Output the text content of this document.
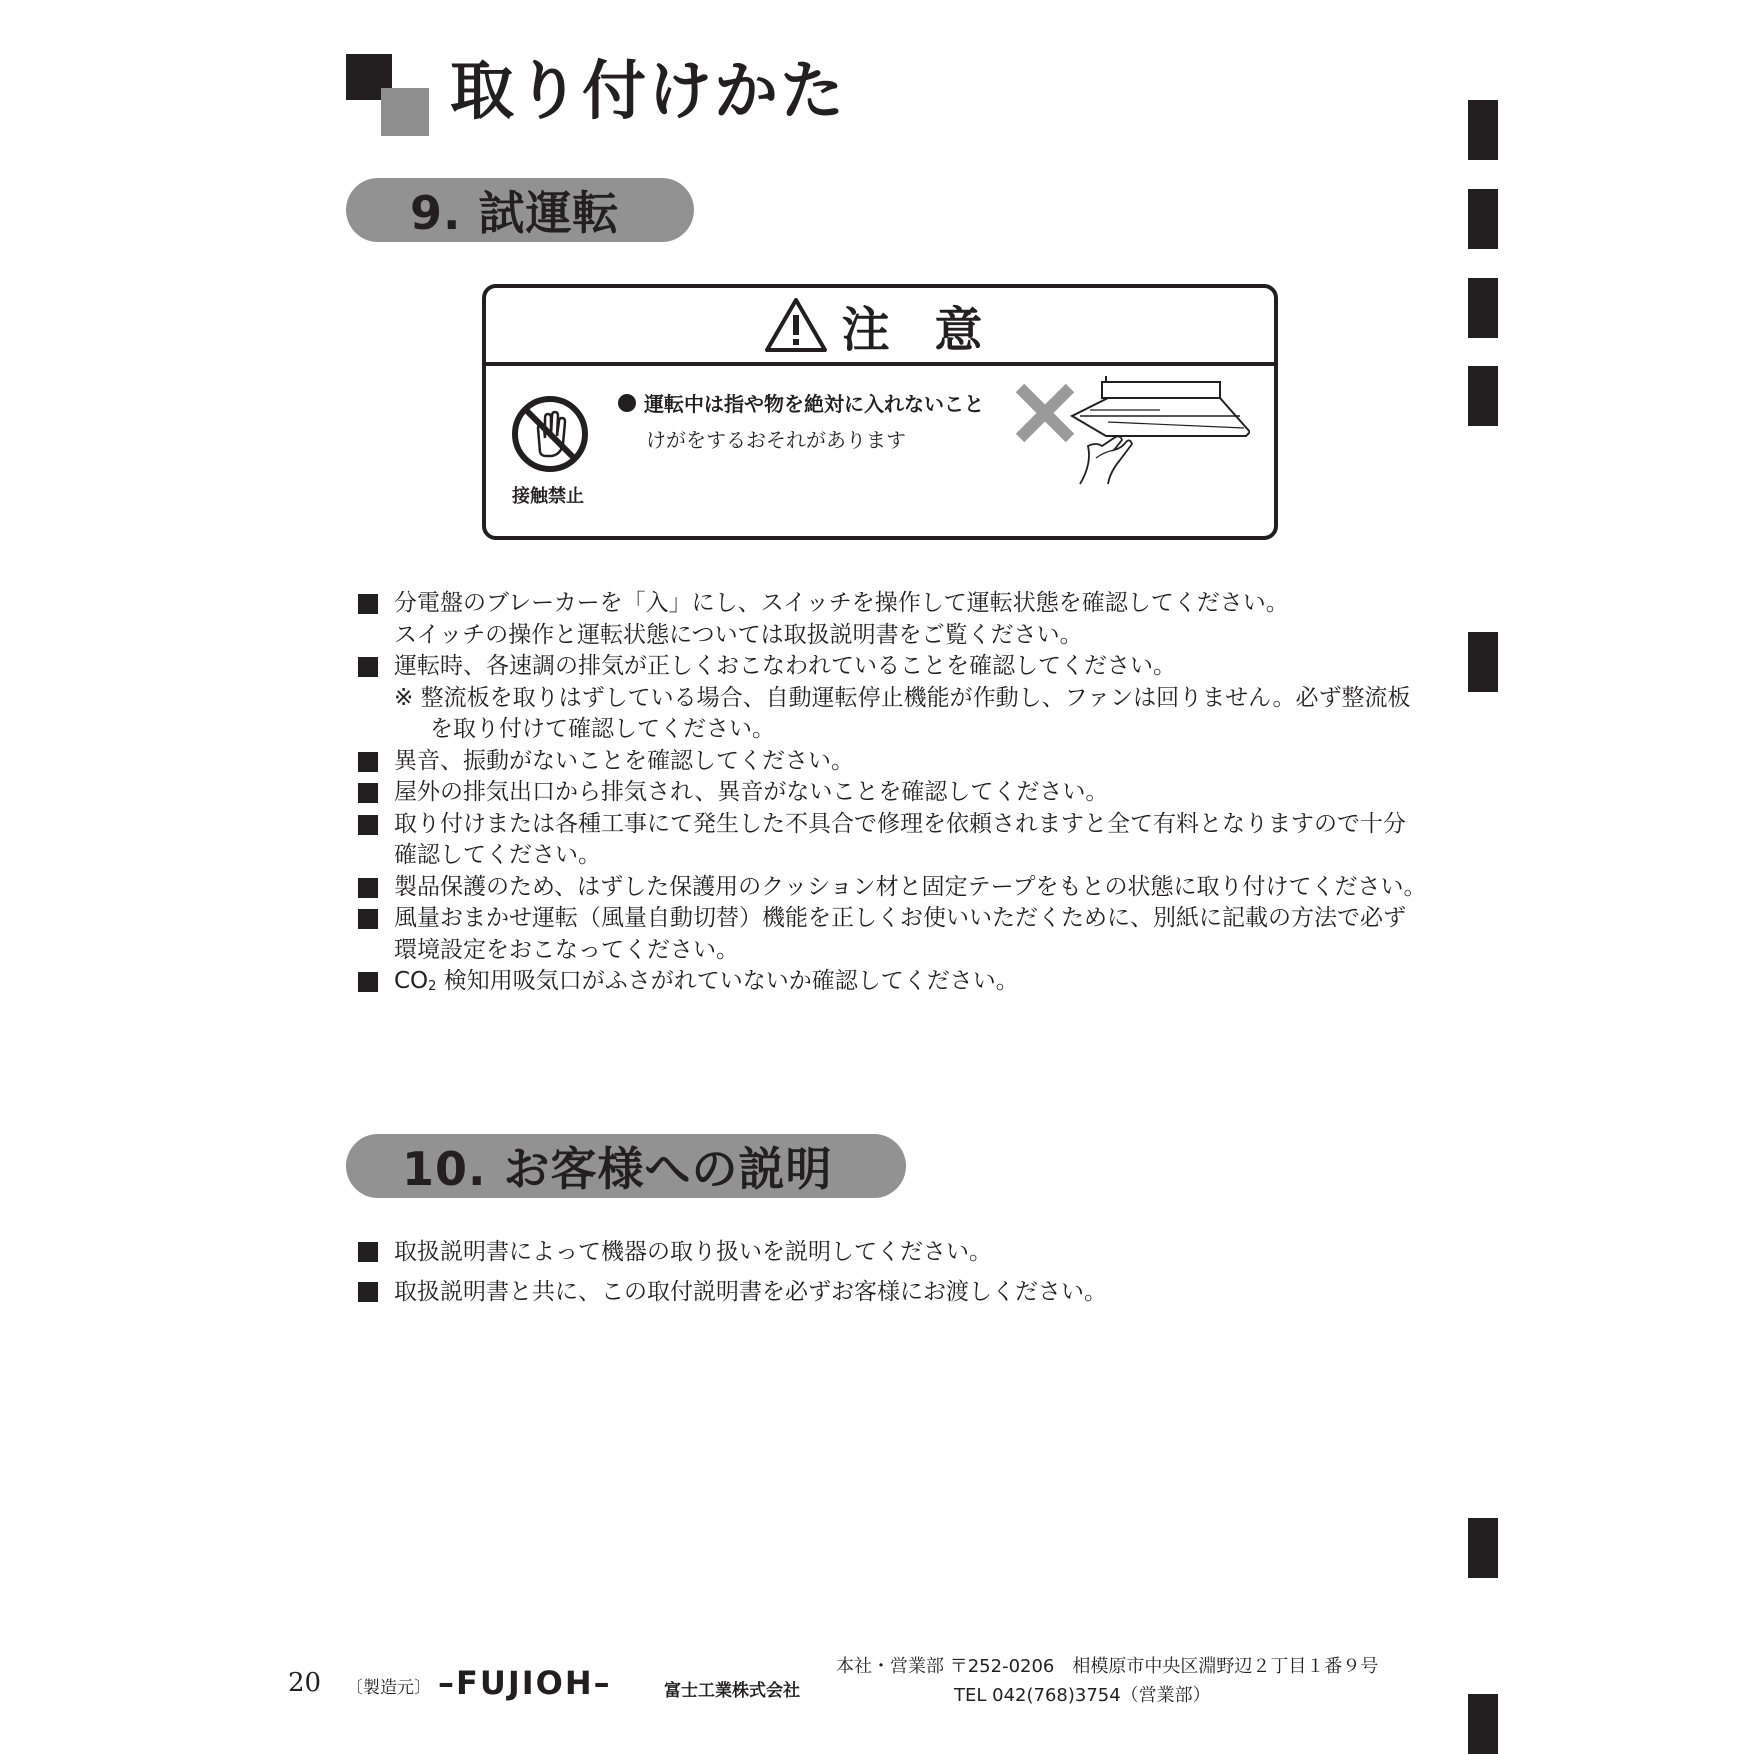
取り付けかた
9. 試運転
注 意
接触禁止
運転中は指や物を絶対に入れないこと
けがをするおそれがあります
分電盤のブレーカーを「入」にし、スイッチを操作して運転状態を確認してください。
スイッチの操作と運転状態については取扱説明書をご覧ください。
運転時、各速調の排気が正しくおこなわれていることを確認してください。
※ 整流板を取りはずしている場合、自動運転停止機能が作動し、ファンは回りません。必ず整流板
を取り付けて確認してください。
異音、振動がないことを確認してください。
屋外の排気出口から排気され、異音がないことを確認してください。
取り付けまたは各種工事にて発生した不具合で修理を依頼されますと全て有料となりますので十分
確認してください。
製品保護のため、はずした保護用のクッション材と固定テープをもとの状態に取り付けてください。
風量おまかせ運転（風量自動切替）機能を正しくお使いいただくために、別紙に記載の方法で必ず
環境設定をおこなってください。
$CO_2$ 検知用吸気口がふさがれていないか確認してください。
10. お客様への説明
取扱説明書によって機器の取り扱いを説明してください。
取扱説明書と共に、この取付説明書を必ずお客様にお渡しください。
20 〔製造元〕 –FUJIOH–	富士工業株式会社
本社・営業部 〒252-0206　相模原市中央区淵野辺２丁目１番９号
TEL 042(768)3754（営業部）
